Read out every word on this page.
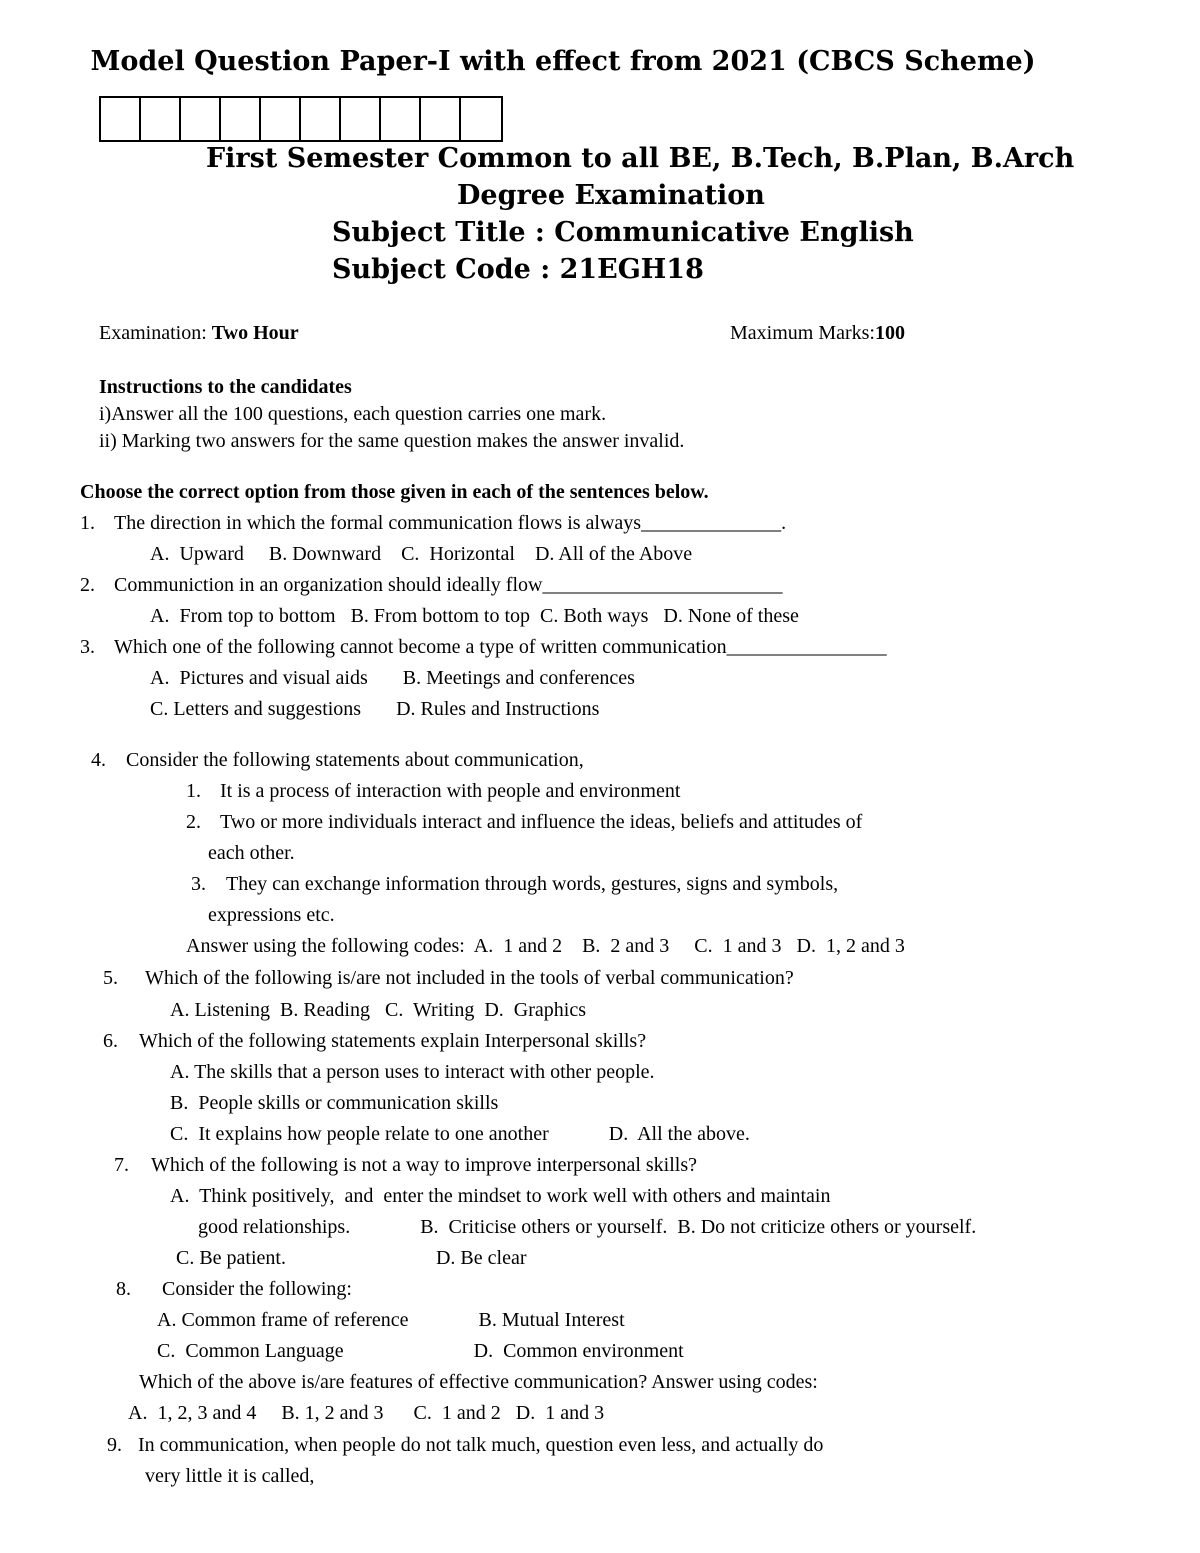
Model Question Paper-I with effect from 2021 (CBCS Scheme)
First Semester Common to all BE, B.Tech, B.Plan, B.Arch
Degree Examination
Subject Title : Communicative English
Subject Code : 21EGH18
Examination: Two Hour	Maximum Marks:100
Instructions to the candidates
i)Answer all the 100 questions, each question carries one mark.
ii) Marking two answers for the same question makes the answer invalid.
Choose the correct option from those given in each of the sentences below.
1. The direction in which the formal communication flows is always______________.
A.  Upward     B. Downward    C.  Horizontal    D. All of the Above
2. Communiction in an organization should ideally flow________________________
A.  From top to bottom   B. From bottom to top  C. Both ways   D. None of these
3. Which one of the following cannot become a type of written communication________________
A.  Pictures and visual aids       B. Meetings and conferences
C. Letters and suggestions       D. Rules and Instructions
4. Consider the following statements about communication,
1. It is a process of interaction with people and environment
2. Two or more individuals interact and influence the ideas, beliefs and attitudes of
each other.
3. They can exchange information through words, gestures, signs and symbols,
expressions etc.
Answer using the following codes:  A.  1 and 2    B.  2 and 3     C.  1 and 3   D.  1, 2 and 3
5. Which of the following is/are not included in the tools of verbal communication?
A. Listening  B. Reading   C.  Writing  D.  Graphics
6. Which of the following statements explain Interpersonal skills?
A. The skills that a person uses to interact with other people.
B.  People skills or communication skills
C.  It explains how people relate to one another            D.  All the above.
7. Which of the following is not a way to improve interpersonal skills?
A.  Think positively,  and  enter the mindset to work well with others and maintain
good relationships.              B.  Criticise others or yourself.  B. Do not criticize others or yourself.
C. Be patient.                              D. Be clear
8. Consider the following:
A. Common frame of reference              B. Mutual Interest
C.  Common Language                          D.  Common environment
Which of the above is/are features of effective communication? Answer using codes:
A.  1, 2, 3 and 4     B. 1, 2 and 3      C.  1 and 2   D.  1 and 3
9. In communication, when people do not talk much, question even less, and actually do
very little it is called,
